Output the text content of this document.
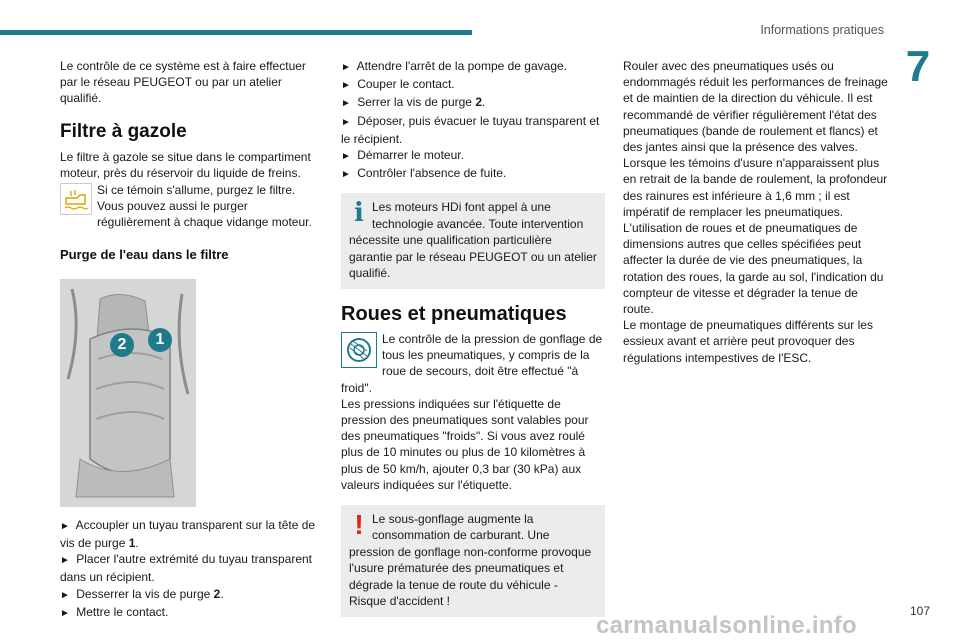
Informations pratiques
7

Le contrôle de ce système est à faire effectuer par le réseau PEUGEOT ou par un atelier qualifié.

Filtre à gazole

Le filtre à gazole se situe dans le compartiment moteur, près du réservoir du liquide de freins.

Si ce témoin s'allume, purgez le filtre. Vous pouvez aussi le purger régulièrement à chaque vidange moteur.
Purge de l'eau dans le filtre
2	1

► Accoupler un tuyau transparent sur la tête de vis de purge 1.

► Placer l'autre extrémité du tuyau transparent dans un récipient.

► Desserrer la vis de purge 2.

► Mettre le contact.

► Attendre l'arrêt de la pompe de gavage.

► Couper le contact.

► Serrer la vis de purge 2.

► Déposer, puis évacuer le tuyau transparent et le récipient.

► Démarrer le moteur.

► Contrôler l'absence de fuite.

i Les moteurs HDi font appel à une technologie avancée. Toute intervention nécessite une qualification particulière garantie par le réseau PEUGEOT ou un atelier qualifié.
Roues et pneumatiques
Le contrôle de la pression de gonflage de tous les pneumatiques, y compris de la roue de secours, doit être effectué "à froid".

Les pressions indiquées sur l'étiquette de pression des pneumatiques sont valables pour des pneumatiques "froids". Si vous avez roulé plus de 10 minutes ou plus de 10 kilomètres à plus de 50 km/h, ajouter 0,3 bar (30 kPa) aux valeurs indiquées sur l'étiquette.

! Le sous-gonflage augmente la consommation de carburant. Une pression de gonflage non-conforme provoque l'usure prématurée des pneumatiques et dégrade la tenue de route du véhicule - Risque d'accident !

Rouler avec des pneumatiques usés ou endommagés réduit les performances de freinage et de maintien de la direction du véhicule. Il est recommandé de vérifier régulièrement l'état des pneumatiques (bande de roulement et flancs) et des jantes ainsi que la présence des valves.

Lorsque les témoins d'usure n'apparaissent plus en retrait de la bande de roulement, la profondeur des rainures est inférieure à 1,6 mm ; il est impératif de remplacer les pneumatiques.

L'utilisation de roues et de pneumatiques de dimensions autres que celles spécifiées peut affecter la durée de vie des pneumatiques, la rotation des roues, la garde au sol, l'indication du compteur de vitesse et dégrader la tenue de route.

Le montage de pneumatiques différents sur les essieux avant et arrière peut provoquer des régulations intempestives de l'ESC.

107
carmanualsonline.info
